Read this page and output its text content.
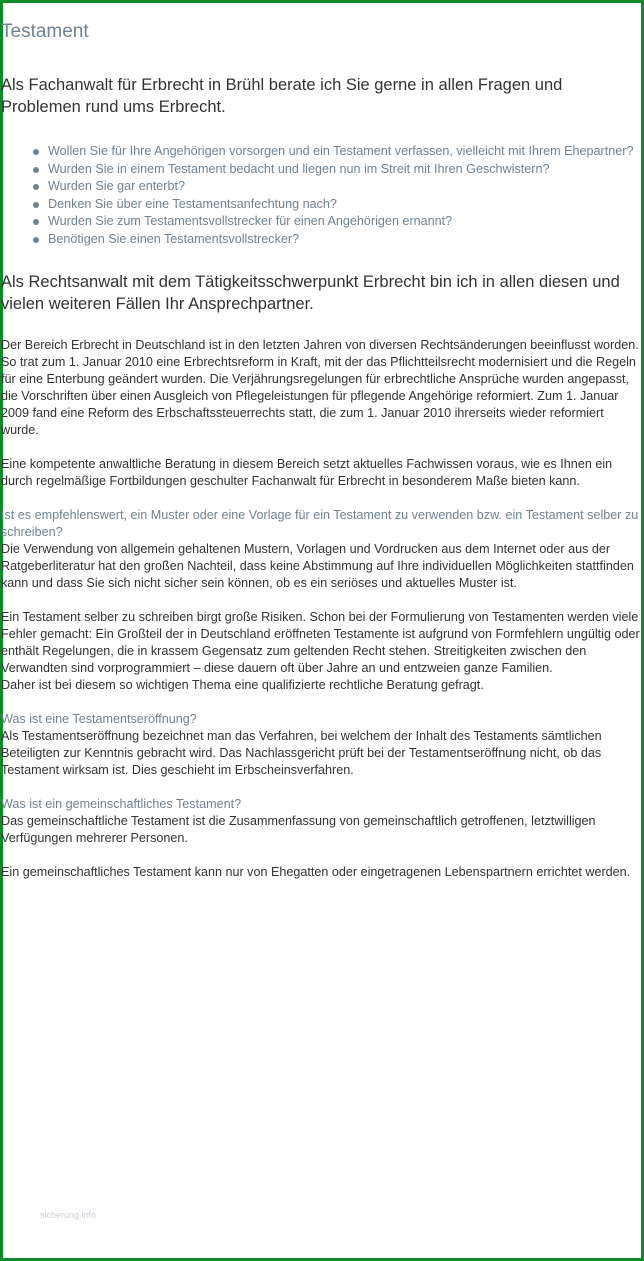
Testament

Als Fachanwalt für Erbrecht in Brühl berate ich Sie gerne in allen Fragen und Problemen rund ums Erbrecht.

Wollen Sie für Ihre Angehörigen vorsorgen und ein Testament verfassen, vielleicht mit Ihrem Ehepartner?
Wurden Sie in einem Testament bedacht und liegen nun im Streit mit Ihren Geschwistern?
Wurden Sie gar enterbt?
Denken Sie über eine Testamentsanfechtung nach?
Wurden Sie zum Testamentsvollstrecker für einen Angehörigen ernannt?
Benötigen Sie einen Testamentsvollstrecker?

Als Rechtsanwalt mit dem Tätigkeitsschwerpunkt Erbrecht bin ich in allen diesen und vielen weiteren Fällen Ihr Ansprechpartner.

Der Bereich Erbrecht in Deutschland ist in den letzten Jahren von diversen Rechtsänderungen beeinflusst worden. So trat zum 1. Januar 2010 eine Erbrechtsreform in Kraft, mit der das Pflichtteilsrecht modernisiert und die Regeln für eine Enterbung geändert wurden. Die Verjährungsregelungen für erbrechtliche Ansprüche wurden angepasst, die Vorschriften über einen Ausgleich von Pflegeleistungen für pflegende Angehörige reformiert. Zum 1. Januar 2009 fand eine Reform des Erbschaftssteuerrechts statt, die zum 1. Januar 2010 ihrerseits wieder reformiert wurde.

Eine kompetente anwaltliche Beratung in diesem Bereich setzt aktuelles Fachwissen voraus, wie es Ihnen ein durch regelmäßige Fortbildungen geschulter Fachanwalt für Erbrecht in besonderem Maße bieten kann.

Ist es empfehlenswert, ein Muster oder eine Vorlage für ein Testament zu verwenden bzw. ein Testament selber zu schreiben?

Die Verwendung von allgemein gehaltenen Mustern, Vorlagen und Vordrucken aus dem Internet oder aus der Ratgeberliteratur hat den großen Nachteil, dass keine Abstimmung auf Ihre individuellen Möglichkeiten stattfinden kann und dass Sie sich nicht sicher sein können, ob es ein seriöses und aktuelles Muster ist.

Ein Testament selber zu schreiben birgt große Risiken. Schon bei der Formulierung von Testamenten werden viele Fehler gemacht: Ein Großteil der in Deutschland eröffneten Testamente ist aufgrund von Formfehlern ungültig oder enthält Regelungen, die in krassem Gegensatz zum geltenden Recht stehen. Streitigkeiten zwischen den Verwandten sind vorprogrammiert – diese dauern oft über Jahre an und entzweien ganze Familien.

Daher ist bei diesem so wichtigen Thema eine qualifizierte rechtliche Beratung gefragt.

Was ist eine Testamentseröffnung?

Als Testamentseröffnung bezeichnet man das Verfahren, bei welchem der Inhalt des Testaments sämtlichen Beteiligten zur Kenntnis gebracht wird. Das Nachlassgericht prüft bei der Testamentseröffnung nicht, ob das Testament wirksam ist. Dies geschieht im Erbscheinsverfahren.

Was ist ein gemeinschaftliches Testament?

Das gemeinschaftliche Testament ist die Zusammenfassung von gemeinschaftlich getroffenen, letztwilligen Verfügungen mehrerer Personen.

Ein gemeinschaftliches Testament kann nur von Ehegatten oder eingetragenen Lebenspartnern errichtet werden.

sicherung.info
